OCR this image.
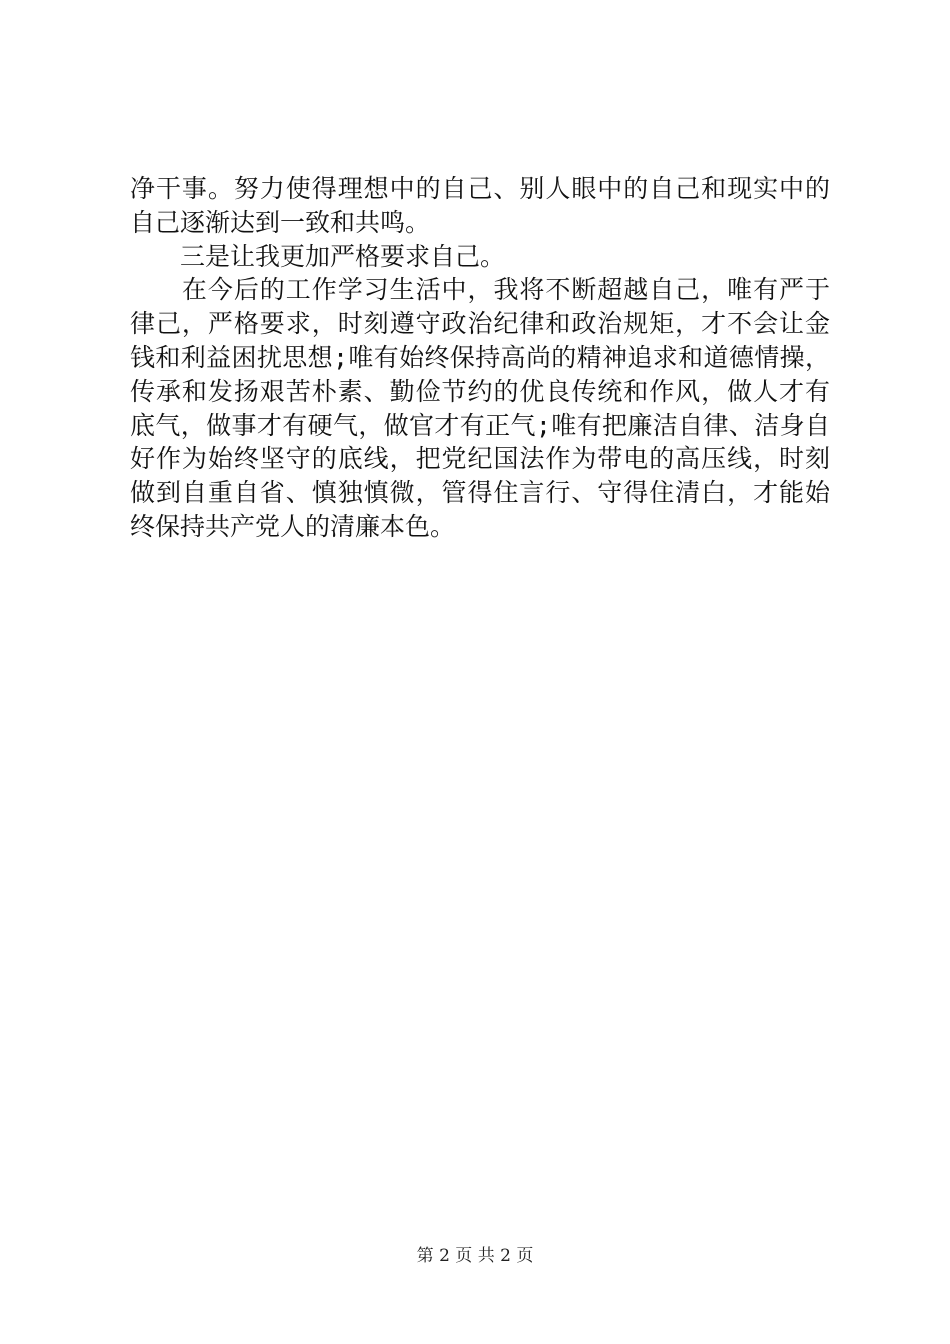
净干事。努力使得理想中的自己、别人眼中的自己和现实中的
自己逐渐达到一致和共鸣。
　　三是让我更加严格要求自己。
　　在今后的工作学习生活中，我将不断超越自己，唯有严于
律己，严格要求，时刻遵守政治纪律和政治规矩，才不会让金
钱和利益困扰思想;唯有始终保持高尚的精神追求和道德情操，
传承和发扬艰苦朴素、勤俭节约的优良传统和作风，做人才有
底气，做事才有硬气，做官才有正气;唯有把廉洁自律、洁身自
好作为始终坚守的底线，把党纪国法作为带电的高压线，时刻
做到自重自省、慎独慎微，管得住言行、守得住清白，才能始
终保持共产党人的清廉本色。
第 2 页 共 2 页
